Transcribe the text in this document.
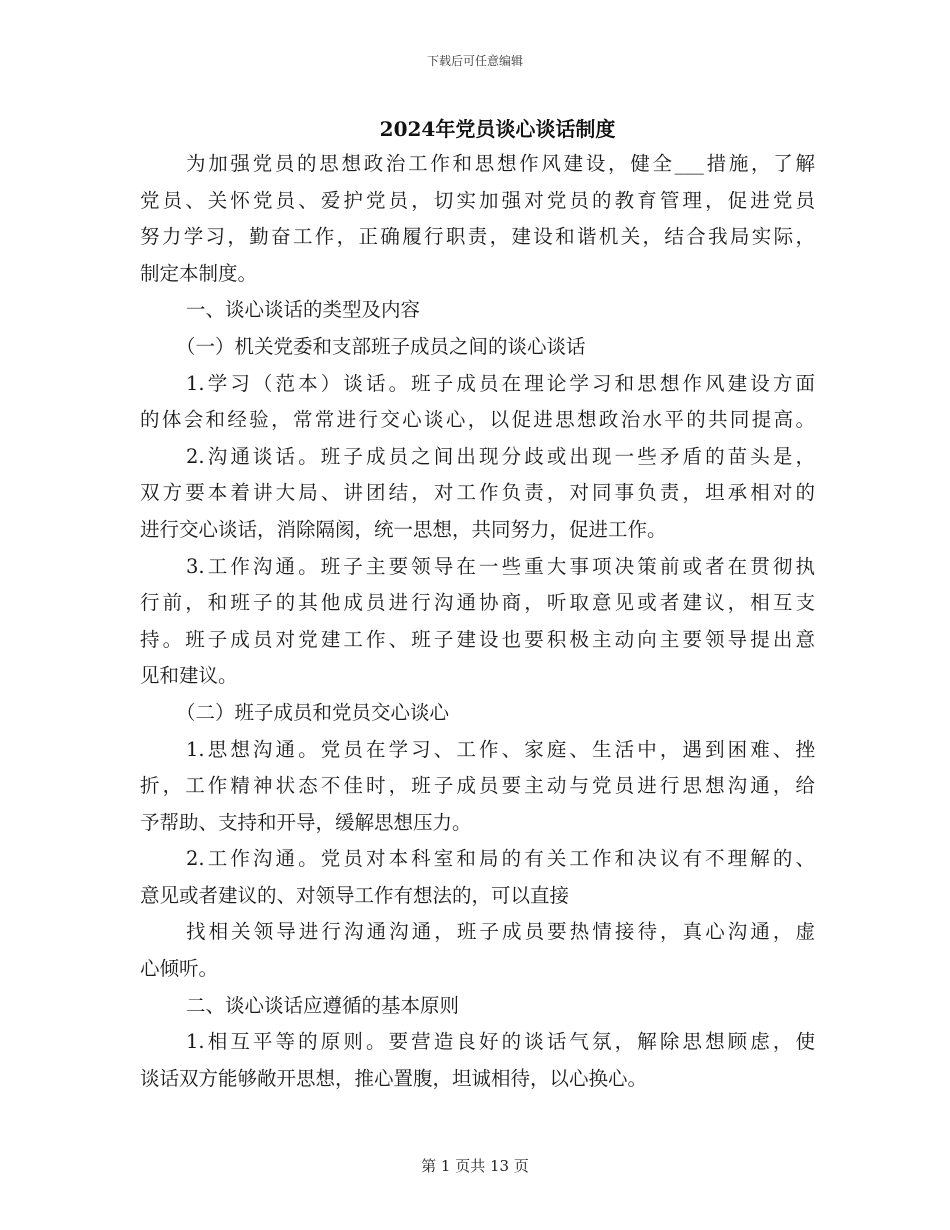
下载后可任意编辑
2024年党员谈心谈话制度
为加强党员的思想政治工作和思想作风建设，健全___措施，了解
党员、关怀党员、爱护党员，切实加强对党员的教育管理，促进党员
努力学习，勤奋工作，正确履行职责，建设和谐机关，结合我局实际，
制定本制度。
一、谈心谈话的类型及内容
（一）机关党委和支部班子成员之间的谈心谈话
1.学习（范本）谈话。班子成员在理论学习和思想作风建设方面
的体会和经验，常常进行交心谈心，以促进思想政治水平的共同提高。
2.沟通谈话。班子成员之间出现分歧或出现一些矛盾的苗头是，
双方要本着讲大局、讲团结，对工作负责，对同事负责，坦承相对的
进行交心谈话，消除隔阂，统一思想，共同努力，促进工作。
3.工作沟通。班子主要领导在一些重大事项决策前或者在贯彻执
行前，和班子的其他成员进行沟通协商，听取意见或者建议，相互支
持。班子成员对党建工作、班子建设也要积极主动向主要领导提出意
见和建议。
（二）班子成员和党员交心谈心
1.思想沟通。党员在学习、工作、家庭、生活中，遇到困难、挫
折，工作精神状态不佳时，班子成员要主动与党员进行思想沟通，给
予帮助、支持和开导，缓解思想压力。
2.工作沟通。党员对本科室和局的有关工作和决议有不理解的、
意见或者建议的、对领导工作有想法的，可以直接
找相关领导进行沟通沟通，班子成员要热情接待，真心沟通，虚
心倾听。
二、谈心谈话应遵循的基本原则
1.相互平等的原则。要营造良好的谈话气氛，解除思想顾虑，使
谈话双方能够敞开思想，推心置腹，坦诚相待，以心换心。
第 1 页共 13 页
